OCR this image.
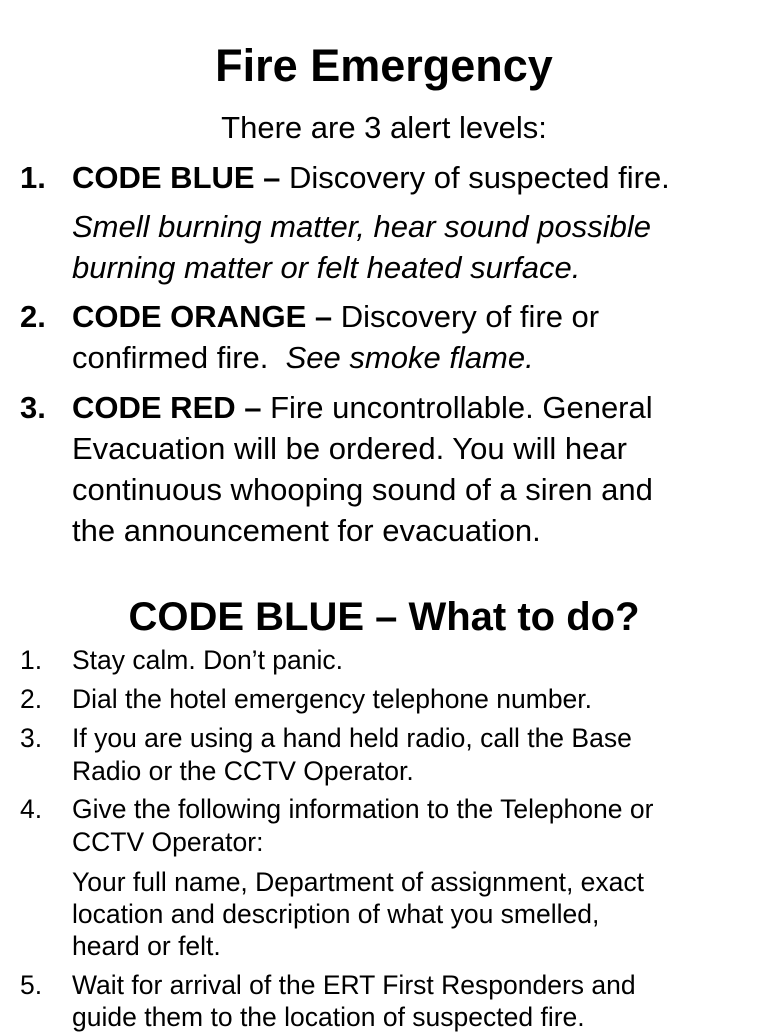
Fire Emergency
There are 3 alert levels:
1. CODE BLUE – Discovery of suspected fire.
Smell burning matter, hear sound possible
burning matter or felt heated surface.
2. CODE ORANGE – Discovery of fire or
confirmed fire.  See smoke flame.
3. CODE RED – Fire uncontrollable. General
Evacuation will be ordered. You will hear
continuous whooping sound of a siren and
the announcement for evacuation.
CODE BLUE – What to do?
1. Stay calm. Don’t panic.
2. Dial the hotel emergency telephone number.
3. If you are using a hand held radio, call the Base
Radio or the CCTV Operator.
4. Give the following information to the Telephone or
CCTV Operator:
Your full name, Department of assignment, exact
location and description of what you smelled,
heard or felt.
5. Wait for arrival of the ERT First Responders and
guide them to the location of suspected fire.
